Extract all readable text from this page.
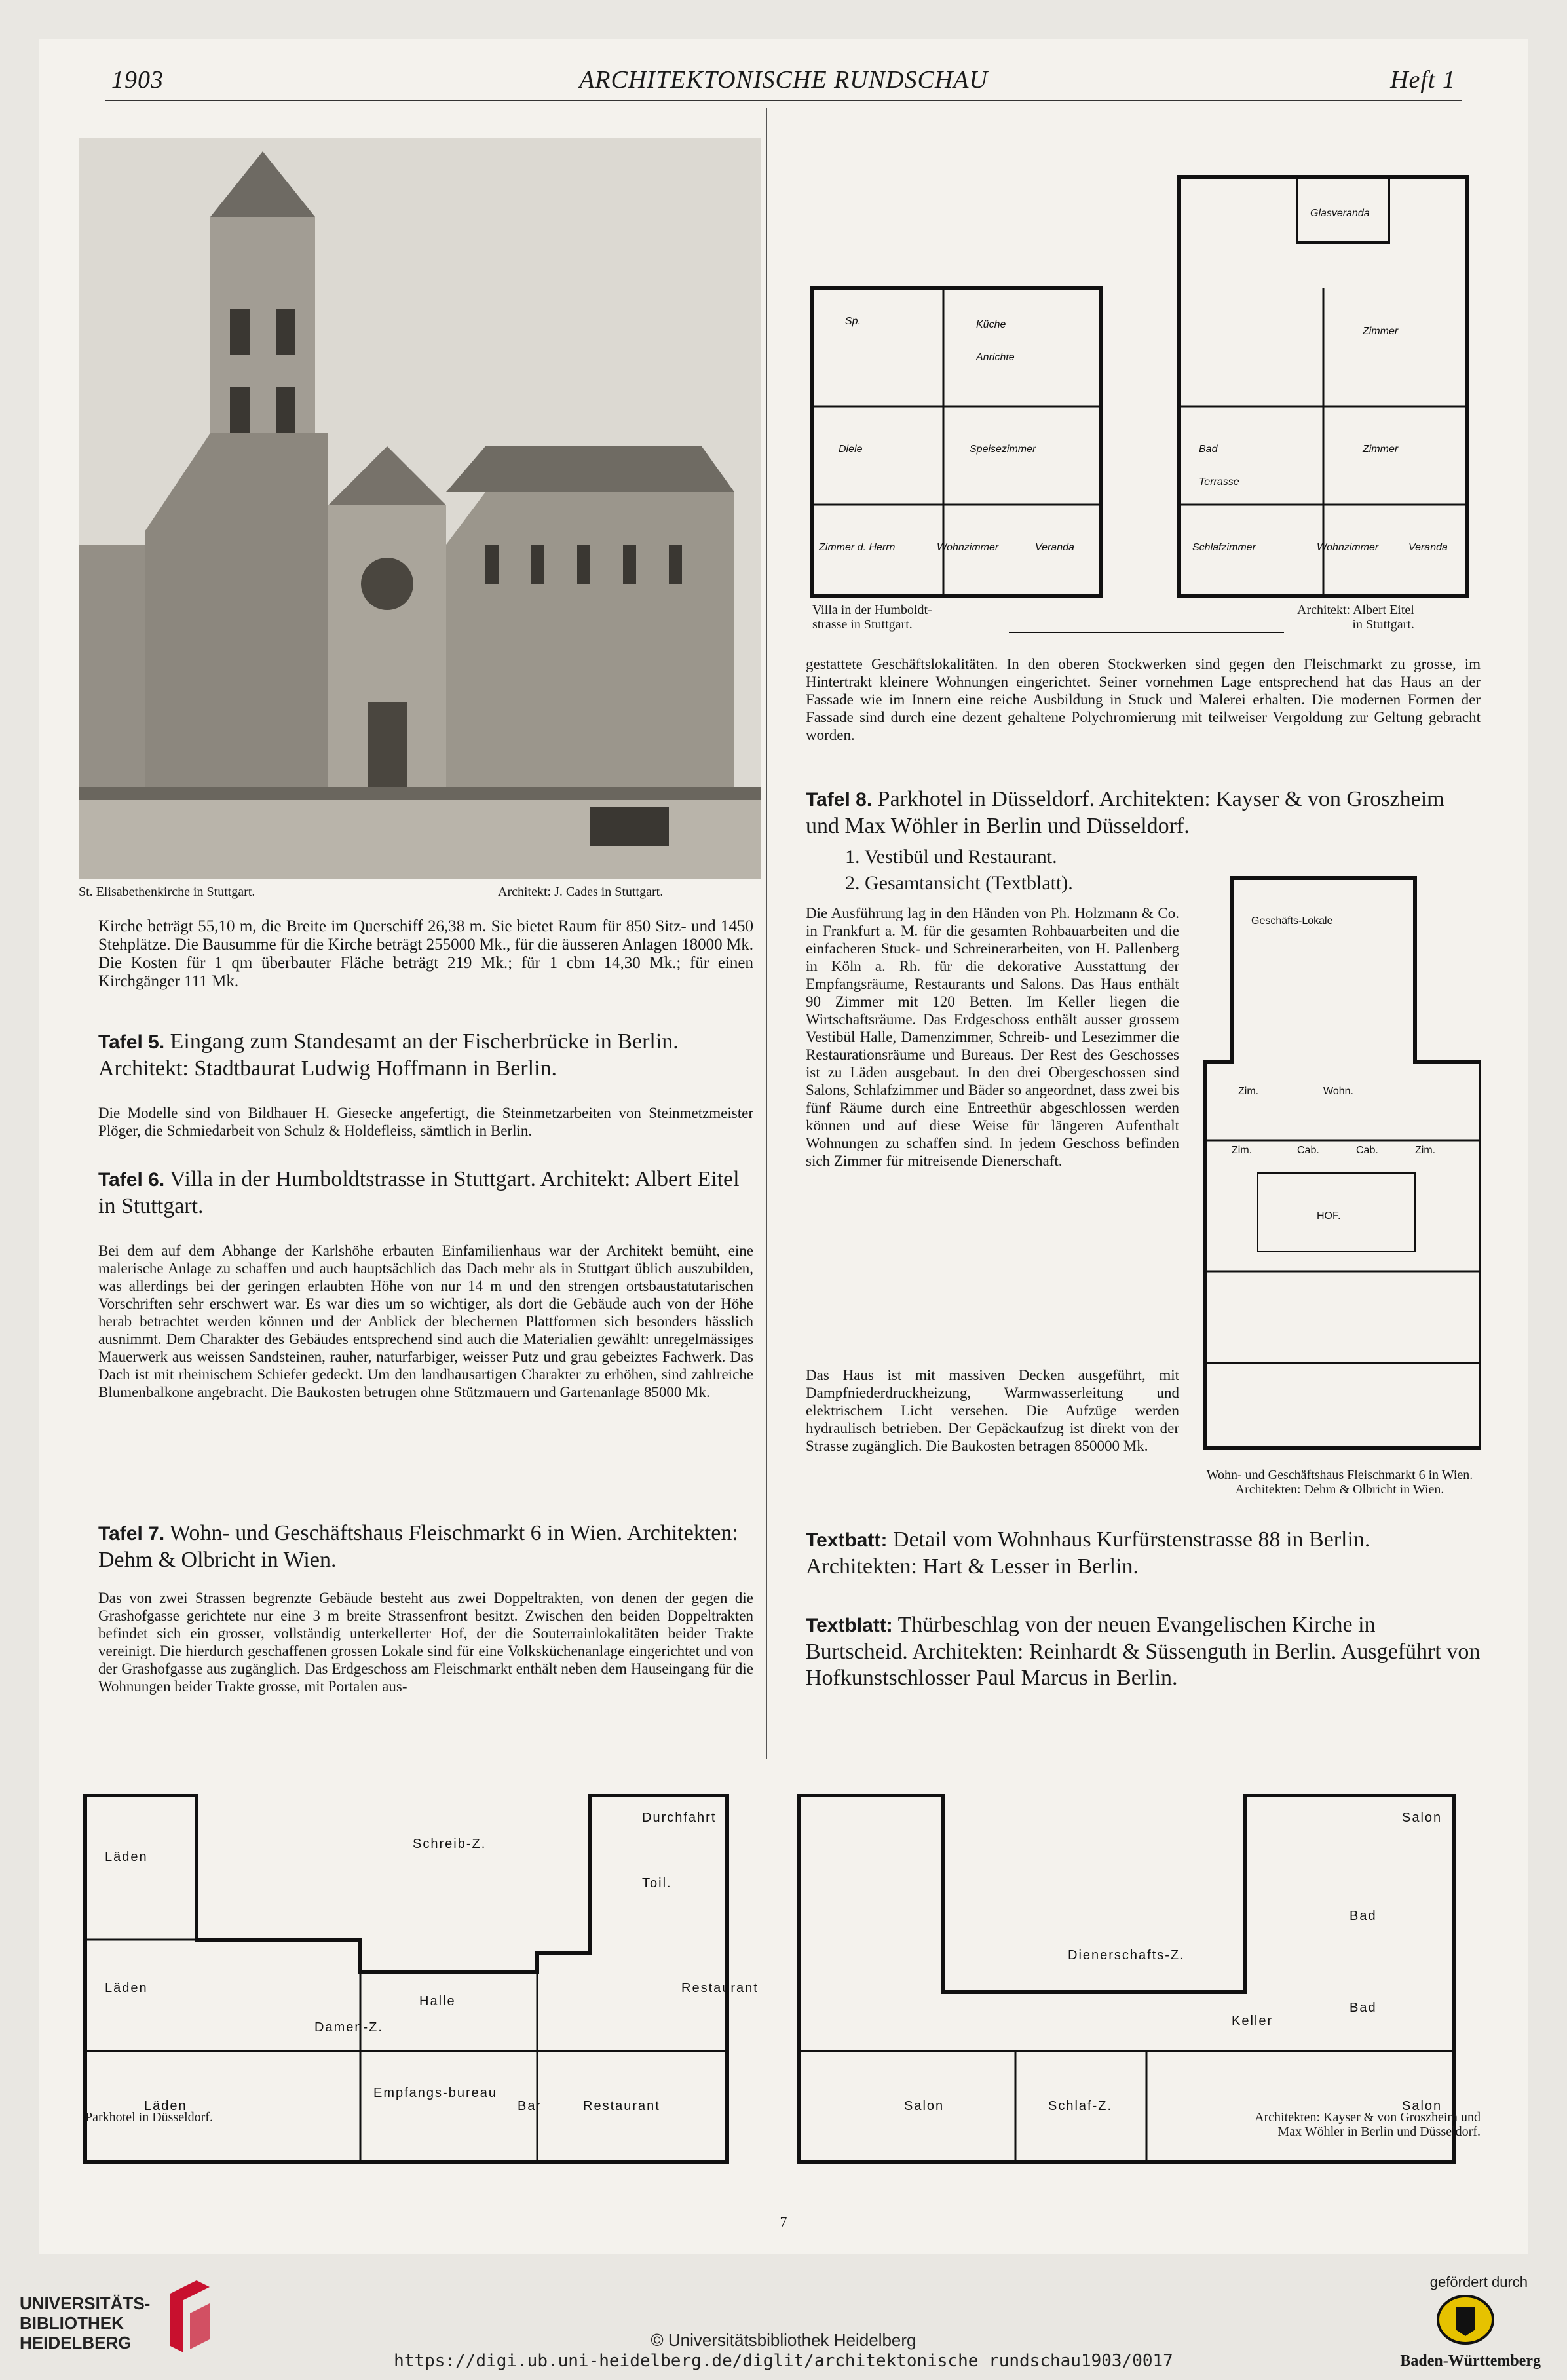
1903	ARCHITEKTONISCHE RUNDSCHAU	Heft 1
St. Elisabethenkirche in Stuttgart.	Architekt: J. Cades in Stuttgart.
Sp.	Küche
Anrichte
Diele	Speisezimmer
Zimmer d. Herrn	Wohnzimmer	Veranda
Glasveranda
Zimmer
Zimmer
Bad
Terrasse
Schlafzimmer	Wohnzimmer	Veranda
Villa in der Humboldt-
strasse in Stuttgart.
Architekt: Albert Eitel
in Stuttgart.
Kirche beträgt 55,10 m, die Breite im Querschiff 26,38 m. Sie bietet Raum für 850 Sitz- und 1450 Stehplätze. Die Bausumme für die Kirche beträgt 255000 Mk., für die äusseren Anlagen 18000 Mk. Die Kosten für 1 qm überbauter Fläche beträgt 219 Mk.; für 1 cbm 14,30 Mk.; für einen Kirchgänger 111 Mk.
Tafel 5. Eingang zum Standesamt an der Fischerbrücke in Berlin. Architekt: Stadtbaurat Ludwig Hoffmann in Berlin.
Die Modelle sind von Bildhauer H. Giesecke angefertigt, die Steinmetzarbeiten von Steinmetzmeister Plöger, die Schmiedarbeit von Schulz & Holdefleiss, sämtlich in Berlin.
Tafel 6. Villa in der Humboldtstrasse in Stuttgart. Architekt: Albert Eitel in Stuttgart.
Bei dem auf dem Abhange der Karlshöhe erbauten Einfamilienhaus war der Architekt bemüht, eine malerische Anlage zu schaffen und auch hauptsächlich das Dach mehr als in Stuttgart üblich auszubilden, was allerdings bei der geringen erlaubten Höhe von nur 14 m und den strengen ortsbaustatutarischen Vorschriften sehr erschwert war. Es war dies um so wichtiger, als dort die Gebäude auch von der Höhe herab betrachtet werden können und der Anblick der blechernen Plattformen sich besonders hässlich ausnimmt. Dem Charakter des Gebäudes entsprechend sind auch die Materialien gewählt: unregelmässiges Mauerwerk aus weissen Sandsteinen, rauher, naturfarbiger, weisser Putz und grau gebeiztes Fachwerk. Das Dach ist mit rheinischem Schiefer gedeckt. Um den landhausartigen Charakter zu erhöhen, sind zahlreiche Blumenbalkone angebracht. Die Baukosten betrugen ohne Stützmauern und Gartenanlage 85000 Mk.
Tafel 7. Wohn- und Geschäftshaus Fleischmarkt 6 in Wien. Architekten: Dehm & Olbricht in Wien.
Das von zwei Strassen begrenzte Gebäude besteht aus zwei Doppeltrakten, von denen der gegen die Grashofgasse gerichtete nur eine 3 m breite Strassenfront besitzt. Zwischen den beiden Doppeltrakten befindet sich ein grosser, vollständig unterkellerter Hof, der die Souterrainlokalitäten beider Trakte vereinigt. Die hierdurch geschaffenen grossen Lokale sind für eine Volksküchenanlage eingerichtet und von der Grashofgasse aus zugänglich. Das Erdgeschoss am Fleischmarkt enthält neben dem Hauseingang für die Wohnungen beider Trakte grosse, mit Portalen aus-
gestattete Geschäftslokalitäten. In den oberen Stockwerken sind gegen den Fleischmarkt zu grosse, im Hintertrakt kleinere Wohnungen eingerichtet. Seiner vornehmen Lage entsprechend hat das Haus an der Fassade wie im Innern eine reiche Ausbildung in Stuck und Malerei erhalten. Die modernen Formen der Fassade sind durch eine dezent gehaltene Polychromierung mit teilweiser Vergoldung zur Geltung gebracht worden.
Tafel 8. Parkhotel in Düsseldorf. Architekten: Kayser & von Groszheim und Max Wöhler in Berlin und Düsseldorf.
1. Vestibül und Restaurant.
2. Gesamtansicht (Textblatt).
Die Ausführung lag in den Händen von Ph. Holzmann & Co. in Frankfurt a. M. für die gesamten Rohbauarbeiten und die einfacheren Stuck- und Schreinerarbeiten, von H. Pallenberg in Köln a. Rh. für die dekorative Ausstattung der Empfangsräume, Restaurants und Salons. Das Haus enthält 90 Zimmer mit 120 Betten. Im Keller liegen die Wirtschaftsräume. Das Erdgeschoss enthält ausser grossem Vestibül Halle, Damenzimmer, Schreib- und Lesezimmer die Restaurationsräume und Bureaus. Der Rest des Geschosses ist zu Läden ausgebaut. In den drei Obergeschossen sind Salons, Schlafzimmer und Bäder so angeordnet, dass zwei bis fünf Räume durch eine Entreethür abgeschlossen werden können und auf diese Weise für längeren Aufenthalt Wohnungen zu schaffen sind. In jedem Geschoss befinden sich Zimmer für mitreisende Dienerschaft.
Das Haus ist mit massiven Decken ausgeführt, mit Dampfniederdruckheizung, Warmwasserleitung und elektrischem Licht versehen. Die Aufzüge werden hydraulisch betrieben. Der Gepäckaufzug ist direkt von der Strasse zugänglich. Die Baukosten betragen 850000 Mk.
Geschäfts-Lokale
Zim.	Wohn.
Zim.	Cab.	Cab.	Zim.
HOF.
Wohn- und Geschäftshaus Fleischmarkt 6 in Wien.
Architekten: Dehm & Olbricht in Wien.
Textbatt: Detail vom Wohnhaus Kurfürstenstrasse 88 in Berlin. Architekten: Hart & Lesser in Berlin.
Textblatt: Thürbeschlag von der neuen Evangelischen Kirche in Burtscheid. Architekten: Reinhardt & Süssenguth in Berlin. Ausgeführt von Hofkunstschlosser Paul Marcus in Berlin.
Läden
Läden
Läden
Schreib-Z.
Halle
Damen-Z.
Durchfahrt
Restaurant
Bar	Restaurant
Empfangs-bureau
Toil.
Salon
Dienerschafts-Z.
Salon	Schlaf-Z.	Salon
Bad
Bad
Keller
Parkhotel in Düsseldorf.	Architekten: Kayser & von Groszheim und
Max Wöhler in Berlin und Düsseldorf.
7
UNIVERSITÄTS-
BIBLIOTHEK
HEIDELBERG	© Universitätsbibliothek Heidelberg
https://digi.ub.uni-heidelberg.de/diglit/architektonische_rundschau1903/0017
gefördert durch
Baden-Württemberg
